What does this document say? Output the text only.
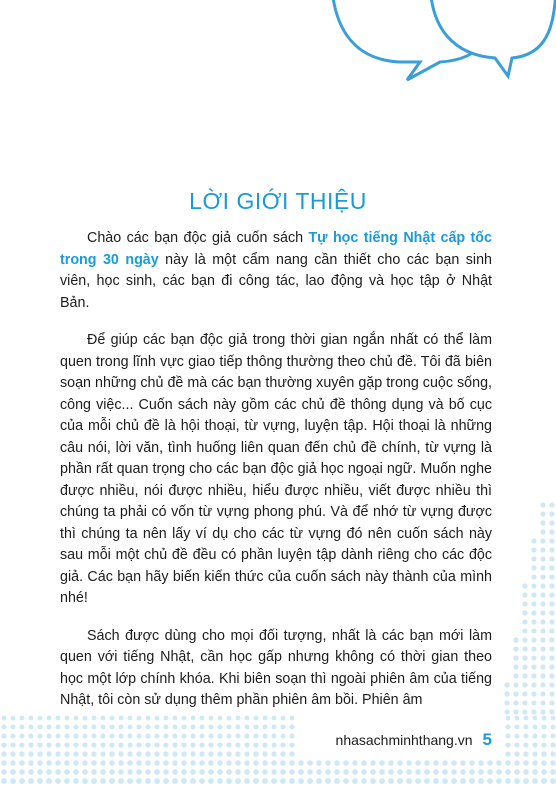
LỜI GIỚI THIỆU

Chào các bạn độc giả cuốn sách Tự học tiếng Nhật cấp tốc trong 30 ngày này là một cẩm nang cần thiết cho các bạn sinh viên, học sinh, các bạn đi công tác, lao động và học tập ở Nhật Bản.

Để giúp các bạn độc giả trong thời gian ngắn nhất có thể làm quen trong lĩnh vực giao tiếp thông thường theo chủ đề. Tôi đã biên soạn những chủ đề mà các bạn thường xuyên gặp trong cuộc sống, công việc... Cuốn sách này gồm các chủ đề thông dụng và bố cục của mỗi chủ đề là hội thoại, từ vựng, luyện tập. Hội thoại là những câu nói, lời văn, tình huống liên quan đến chủ đề chính, từ vựng là phần rất quan trọng cho các bạn độc giả học ngoại ngữ. Muốn nghe được nhiều, nói được nhiều, hiểu được nhiều, viết được nhiều thì chúng ta phải có vốn từ vựng phong phú. Và để nhớ từ vựng được thì chúng ta nên lấy ví dụ cho các từ vựng đó nên cuốn sách này sau mỗi một chủ đề đều có phần luyện tập dành riêng cho các độc giả. Các bạn hãy biến kiến thức của cuốn sách này thành của mình nhé!

Sách được dùng cho mọi đối tượng, nhất là các bạn mới làm quen với tiếng Nhật, cần học gấp nhưng không có thời gian theo học một lớp chính khóa. Khi biên soạn thì ngoài phiên âm của tiếng Nhật, tôi còn sử dụng thêm phần phiên âm bồi. Phiên âm

nhasachminhthang.vn 5
